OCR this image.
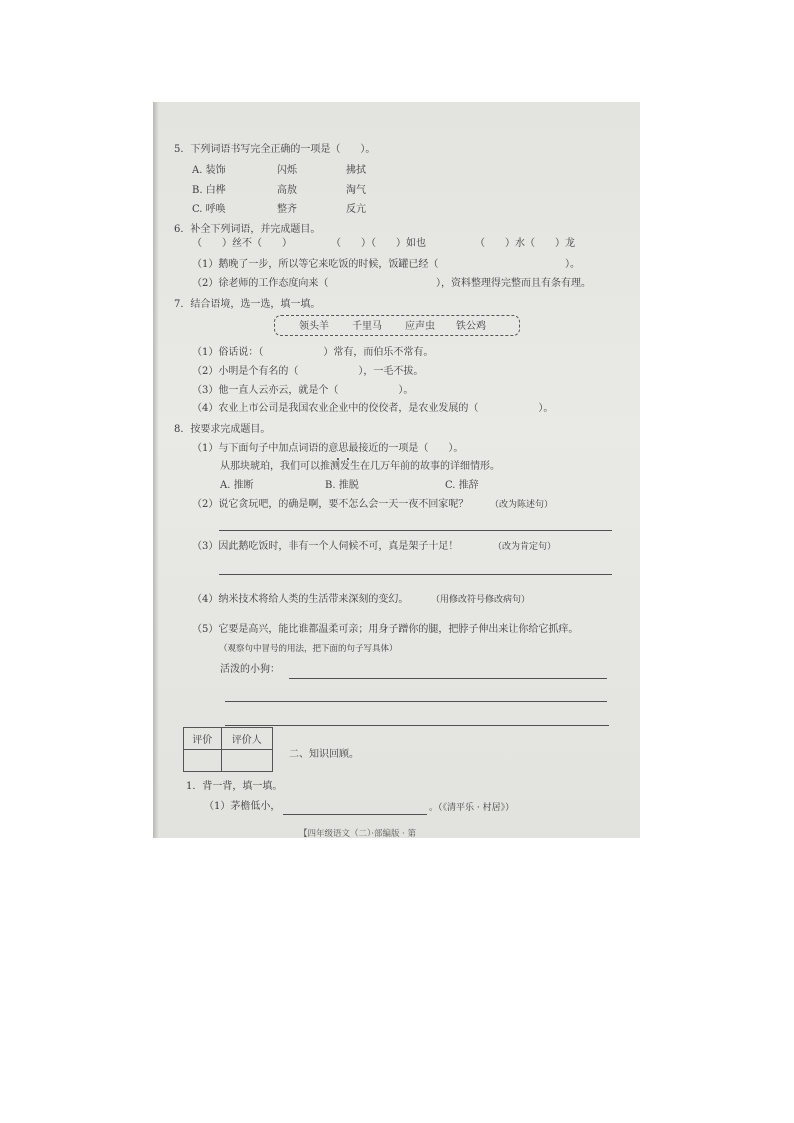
5．下列词语书写完全正确的一项是（　　）。
A. 装饰	闪烁	拂拭
B. 白桦	高敖	淘气
C. 呼唤	整齐	反亢
6．补全下列词语，并完成题目。
（　　）丝不（　　）	（　　）（　　）如也	（　　）水（　　）龙
（1）鹅晚了一步，所以等它来吃饭的时候，饭罐已经（	）。
（2）徐老师的工作态度向来（	），资料整理得完整而且有条有理。
7．结合语境，选一选，填一填。
领头羊 千里马 应声虫 铁公鸡
（1）俗话说：（　　　　　　）常有，而伯乐不常有。
（2）小明是个有名的（　　　　　　），一毛不拔。
（3）他一直人云亦云，就是个（　　　　　　）。
（4）农业上市公司是我国农业企业中的佼佼者，是农业发展的（　　　　　　）。
8．按要求完成题目。
（1）与下面句子中加点词语的意思最接近的一项是（　　）。
从那块琥珀，我们可以推测发生在几万年前的故事的详细情形。
A. 推断	B. 推脱	C. 推辞
（2）说它贪玩吧，的确是啊，要不怎么会一天一夜不回家呢？ （改为陈述句）
（3）因此鹅吃饭时，非有一个人伺候不可，真是架子十足！	（改为肯定句）
（4）纳米技术将给人类的生活带来深刻的变幻。	（用修改符号修改病句）
（5）它要是高兴，能比谁都温柔可亲；用身子蹭你的腿，把脖子伸出来让你给它抓痒。
（观察句中冒号的用法，把下面的句子写具体）
活泼的小狗：
评价	评价人

二、知识回顾。
1．背一背，填一填。
（1）茅檐低小，	。（《清平乐 · 村居》）
【四年级语文（二）·部编版 · 第
